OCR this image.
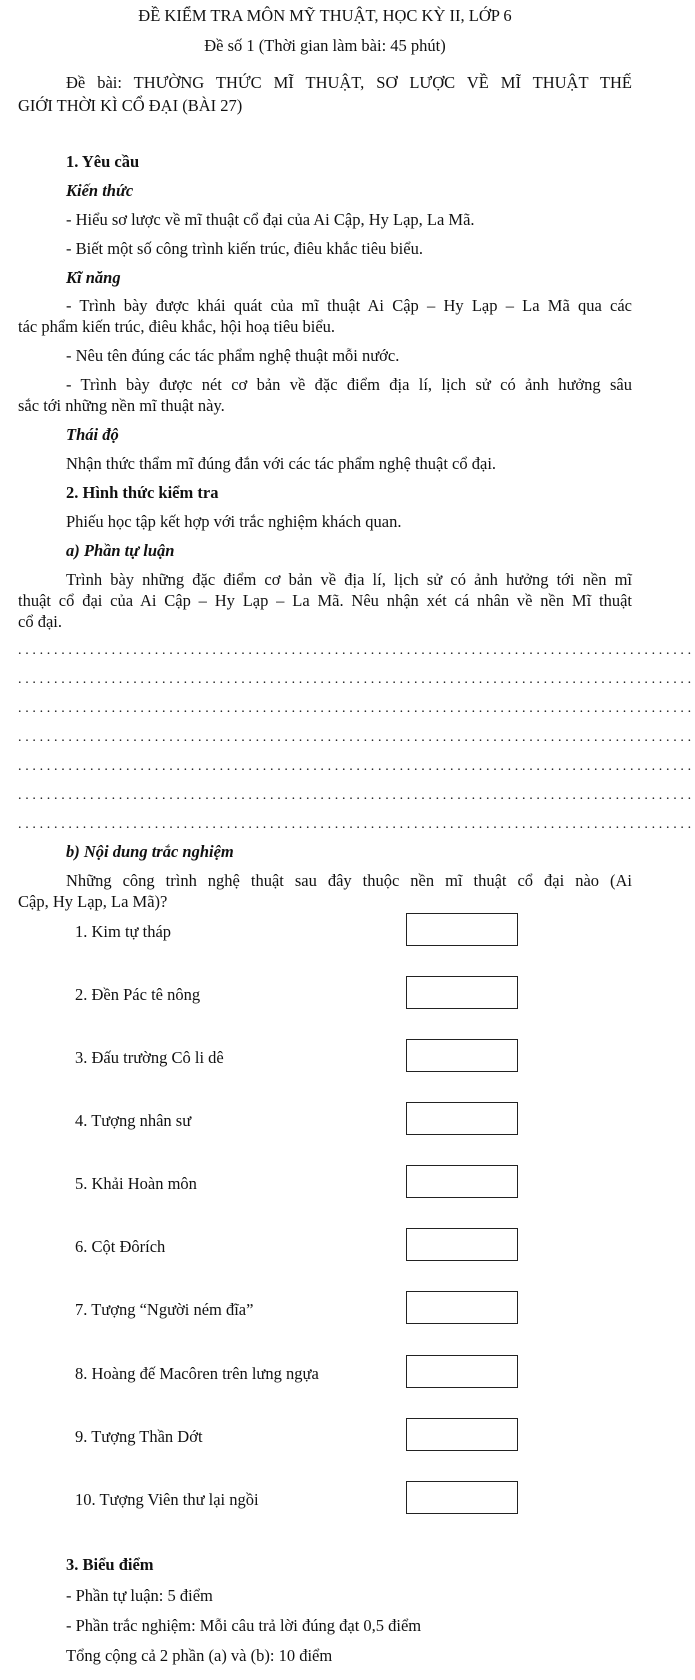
ĐỀ KIỂM TRA MÔN MỸ THUẬT, HỌC KỲ II, LỚP 6
Đề số 1 (Thời gian làm bài: 45 phút)
Đề bài: THƯỜNG THỨC MĨ THUẬT, SƠ LƯỢC VỀ MĨ THUẬT THẾ
GIỚI THỜI KÌ CỔ ĐẠI (BÀI 27)
1. Yêu cầu
Kiến thức
- Hiểu sơ lược về mĩ thuật cổ đại của Ai Cập, Hy Lạp, La Mã.
- Biết một số công trình kiến trúc, điêu khắc tiêu biểu.
Kĩ năng
- Trình bày được khái quát của mĩ thuật Ai Cập – Hy Lạp – La Mã qua các
tác phẩm kiến trúc, điêu khắc, hội hoạ tiêu biểu.
- Nêu tên đúng các tác phẩm nghệ thuật mỗi nước.
- Trình bày được nét cơ bản về đặc điểm địa lí, lịch sử có ảnh hưởng sâu
sắc tới những nền mĩ thuật này.
Thái độ
Nhận thức thẩm mĩ đúng đắn với các tác phẩm nghệ thuật cổ đại.
2. Hình thức kiểm tra
Phiếu học tập kết hợp với trắc nghiệm khách quan.
a) Phần tự luận
Trình bày những đặc điểm cơ bản về địa lí, lịch sử có ảnh hưởng tới nền mĩ
thuật cổ đại của Ai Cập – Hy Lạp – La Mã. Nêu nhận xét cá nhân về nền Mĩ thuật
cổ đại.
..............................................................................................
..............................................................................................
..............................................................................................
..............................................................................................
..............................................................................................
..............................................................................................
..............................................................................................
b) Nội dung trắc nghiệm
Những công trình nghệ thuật sau đây thuộc nền mĩ thuật cổ đại nào (Ai
Cập, Hy Lạp, La Mã)?
1. Kim tự tháp
2. Đền Pác tê nông
3. Đấu trường Cô li dê
4. Tượng nhân sư
5. Khải Hoàn môn
6. Cột Đôrích
7. Tượng “Người ném đĩa”
8. Hoàng đế Macôren trên lưng ngựa
9. Tượng Thần Dớt
10. Tượng Viên thư lại ngồi
3. Biểu điểm
- Phần tự luận: 5 điểm
- Phần trắc nghiệm: Mỗi câu trả lời đúng đạt 0,5 điểm
Tổng cộng cả 2 phần (a) và (b): 10 điểm
